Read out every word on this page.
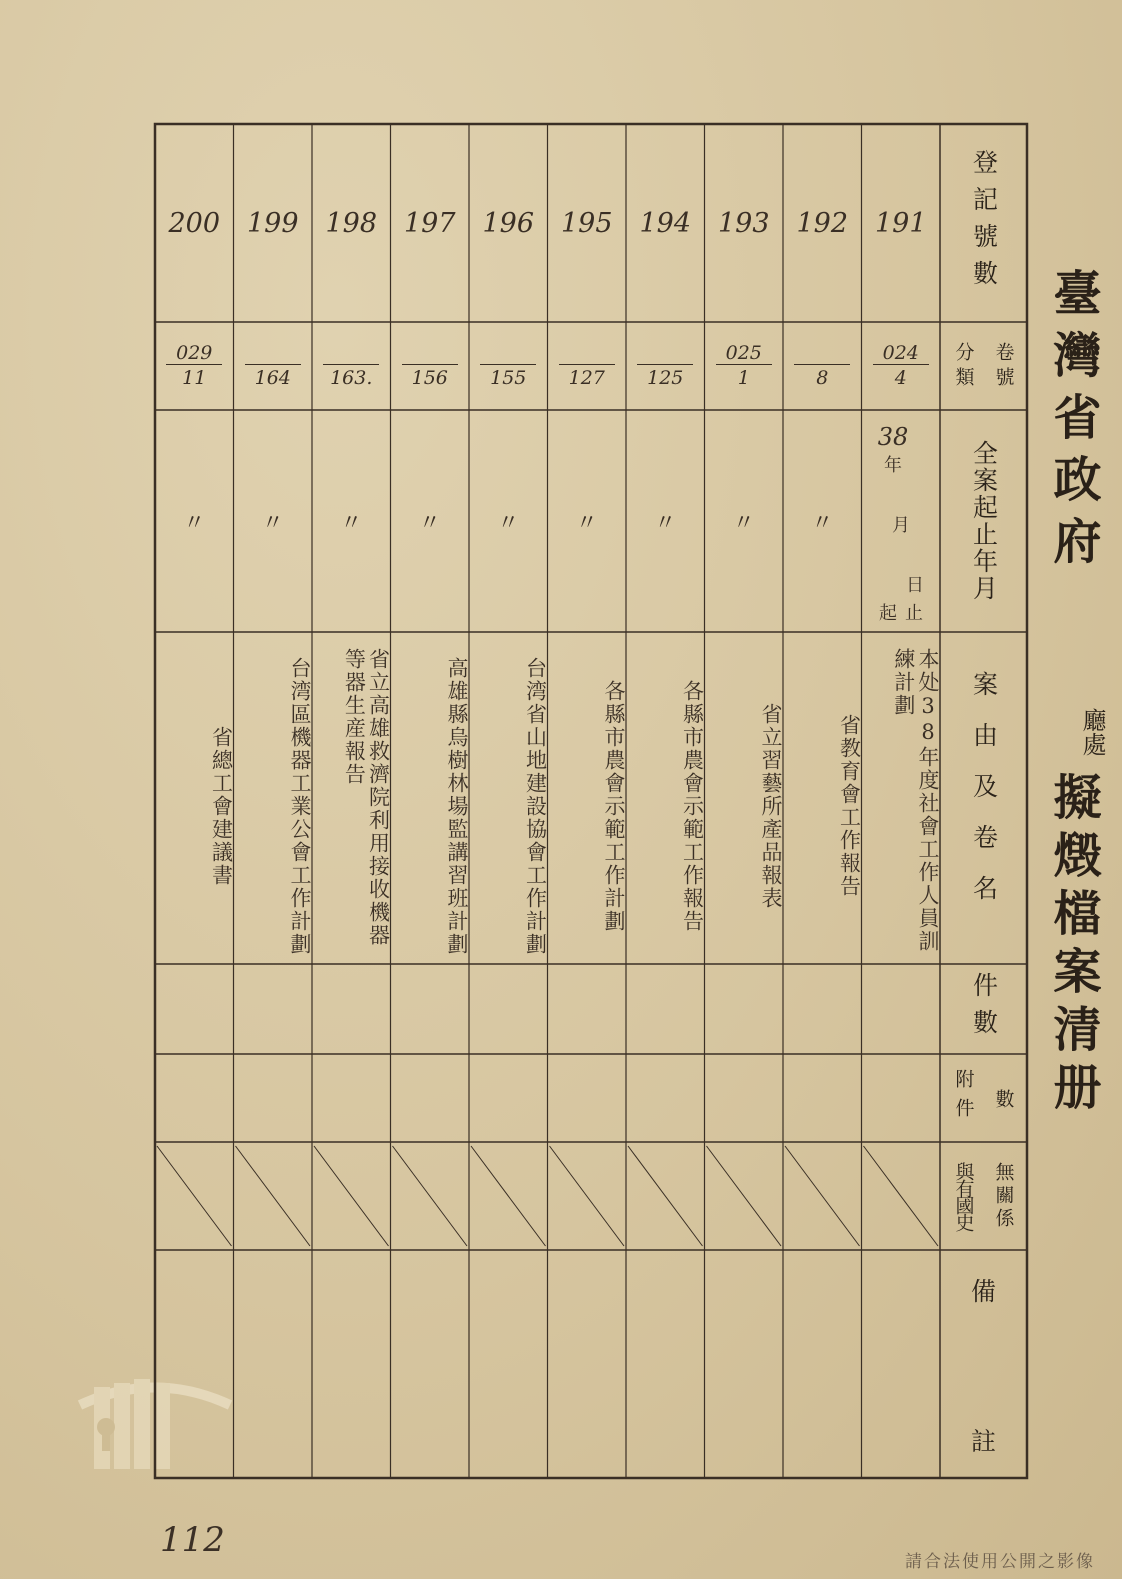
臺灣省政府
廳處
擬燬檔案清册
登記號數
卷號
分類
全案起止年月
案由及卷名
件數
數
附件
無關係
與有國史
備
註
38
年
月
日
起 止
191
024
4
本处38年度社會工作人員訓練計劃
192
8
〃
省教育會工作報告
193
025
1
〃
省立習藝所產品報表
194
125
〃
各縣市農會示範工作報告
195
127
〃
各縣市農會示範工作計劃
196
155
〃
台湾省山地建設協會工作計劃
197
156
〃
高雄縣烏樹林場監講習班計劃
198
163.
〃
省立高雄救濟院利用接收機器等器生産報告
199
164
〃
台湾區機器工業公會工作計劃
200
029
11
〃
省總工會建議書
112
請合法使用公開之影像
